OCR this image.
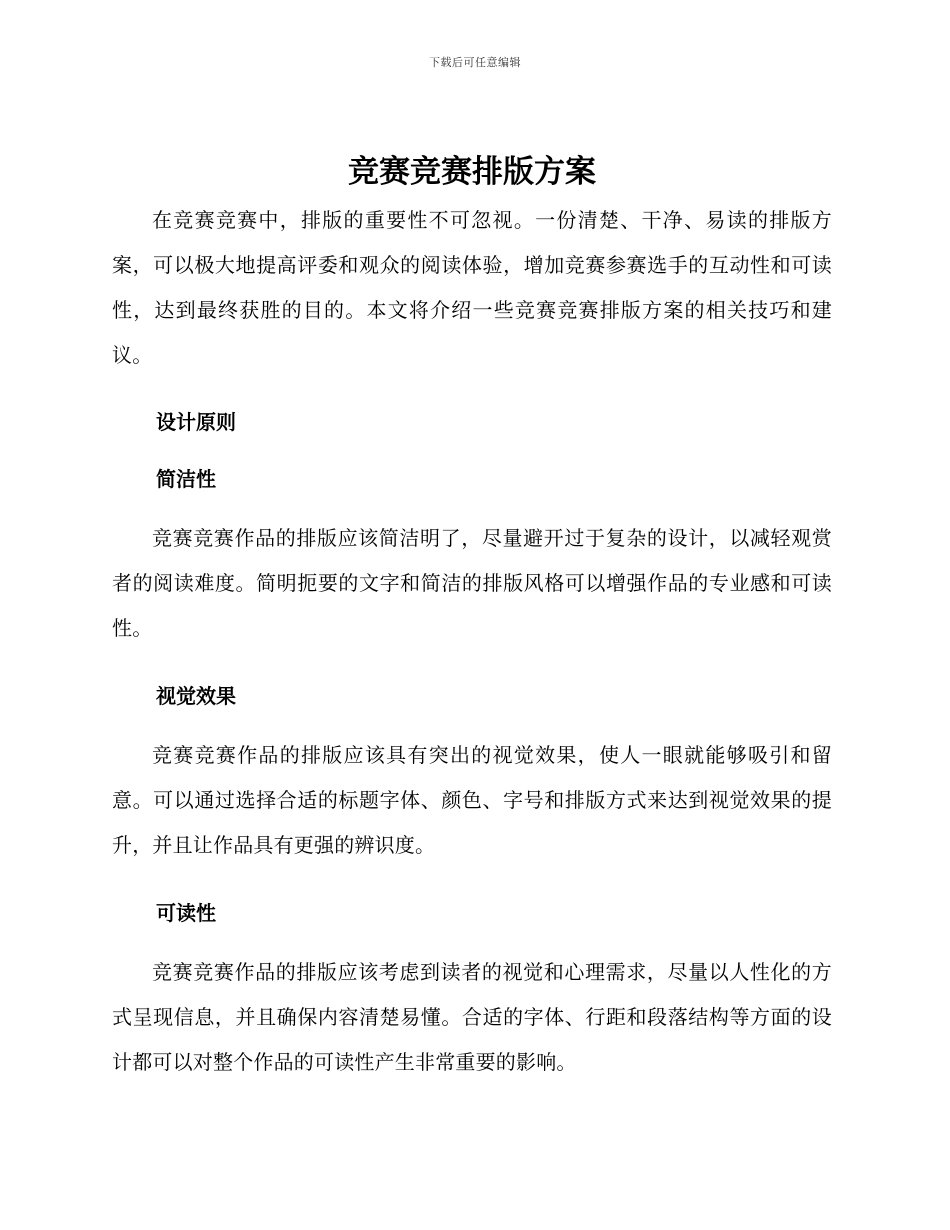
下载后可任意编辑
竞赛竞赛排版方案

在竞赛竞赛中，排版的重要性不可忽视。一份清楚、干净、易读的排版方案，可以极大地提高评委和观众的阅读体验，增加竞赛参赛选手的互动性和可读性，达到最终获胜的目的。本文将介绍一些竞赛竞赛排版方案的相关技巧和建议。

设计原则
简洁性

竞赛竞赛作品的排版应该简洁明了，尽量避开过于复杂的设计，以减轻观赏者的阅读难度。简明扼要的文字和简洁的排版风格可以增强作品的专业感和可读性。

视觉效果

竞赛竞赛作品的排版应该具有突出的视觉效果，使人一眼就能够吸引和留意。可以通过选择合适的标题字体、颜色、字号和排版方式来达到视觉效果的提升，并且让作品具有更强的辨识度。

可读性

竞赛竞赛作品的排版应该考虑到读者的视觉和心理需求，尽量以人性化的方式呈现信息，并且确保内容清楚易懂。合适的字体、行距和段落结构等方面的设计都可以对整个作品的可读性产生非常重要的影响。
